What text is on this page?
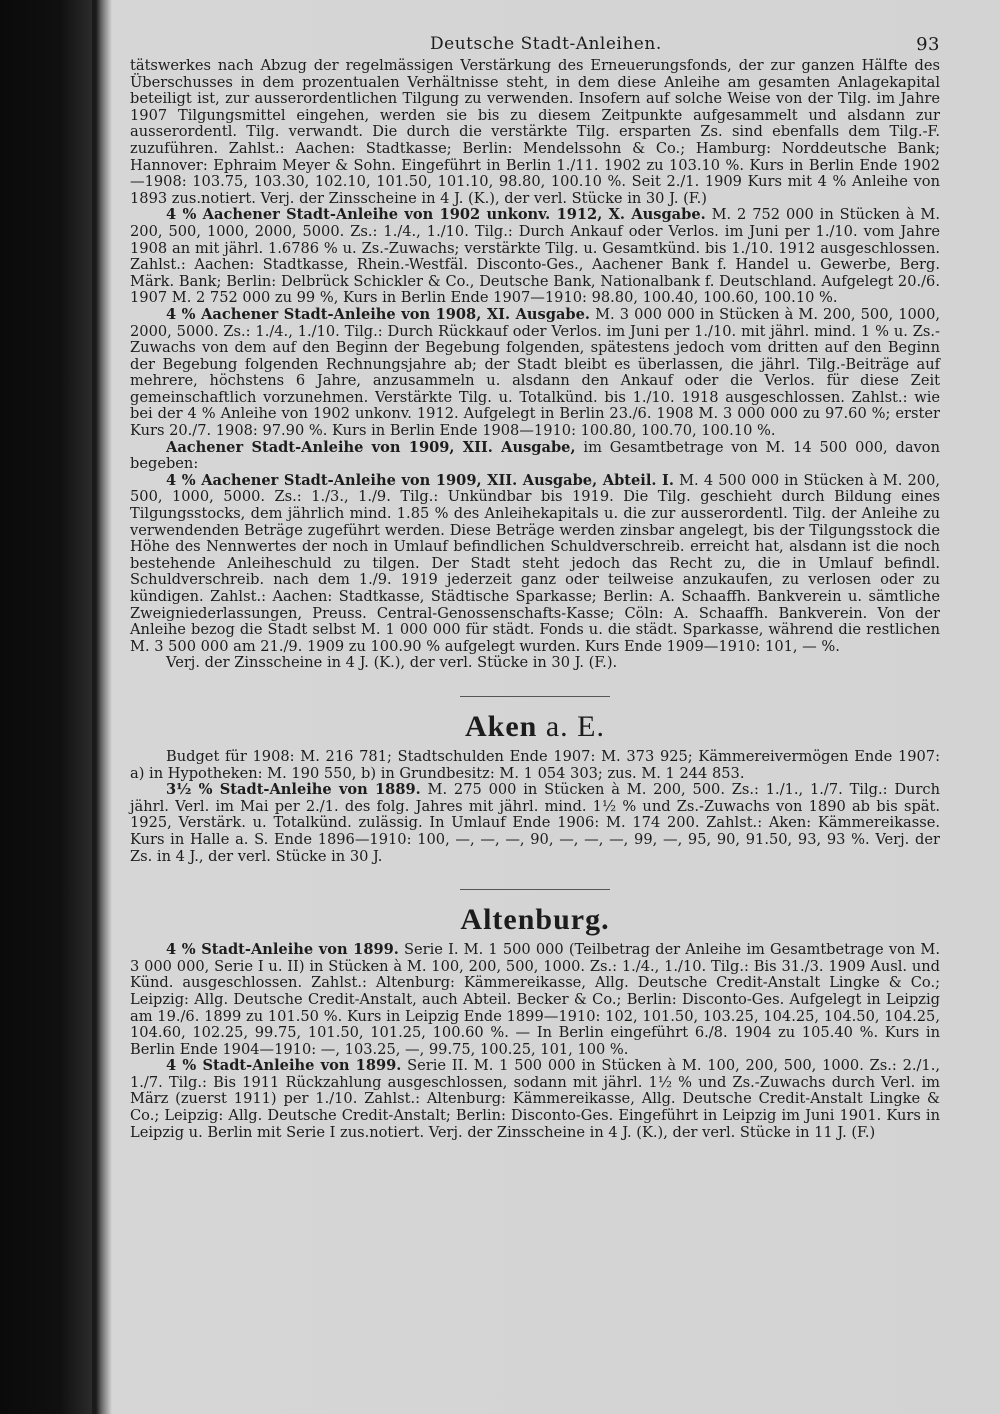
Deutsche Stadt-Anleihen.	93

tätswerkes nach Abzug der regelmässigen Verstärkung des Erneuerungsfonds, der zur ganzen Hälfte des Überschusses in dem prozentualen Verhältnisse steht, in dem diese Anleihe am gesamten Anlagekapital beteiligt ist, zur ausserordentlichen Tilgung zu verwenden. Insofern auf solche Weise von der Tilg. im Jahre 1907 Tilgungsmittel eingehen, werden sie bis zu diesem Zeitpunkte aufgesammelt und alsdann zur ausserordentl. Tilg. verwandt. Die durch die verstärkte Tilg. ersparten Zs. sind ebenfalls dem Tilg.-F. zuzuführen. Zahlst.: Aachen: Stadtkasse; Berlin: Mendelssohn & Co.; Hamburg: Norddeutsche Bank; Hannover: Ephraim Meyer & Sohn. Eingeführt in Berlin 1./11. 1902 zu 103.10 %. Kurs in Berlin Ende 1902—1908: 103.75, 103.30, 102.10, 101.50, 101.10, 98.80, 100.10 %. Seit 2./1. 1909 Kurs mit 4 % Anleihe von 1893 zus.notiert. Verj. der Zinsscheine in 4 J. (K.), der verl. Stücke in 30 J. (F.)

4 % Aachener Stadt-Anleihe von 1902 unkonv. 1912, X. Ausgabe. M. 2 752 000 in Stücken à M. 200, 500, 1000, 2000, 5000. Zs.: 1./4., 1./10. Tilg.: Durch Ankauf oder Verlos. im Juni per 1./10. vom Jahre 1908 an mit jährl. 1.6786 % u. Zs.-Zuwachs; verstärkte Tilg. u. Gesamtkünd. bis 1./10. 1912 ausgeschlossen. Zahlst.: Aachen: Stadtkasse, Rhein.-Westfäl. Disconto-Ges., Aachener Bank f. Handel u. Gewerbe, Berg. Märk. Bank; Berlin: Delbrück Schickler & Co., Deutsche Bank, Nationalbank f. Deutschland. Aufgelegt 20./6. 1907 M. 2 752 000 zu 99 %, Kurs in Berlin Ende 1907—1910: 98.80, 100.40, 100.60, 100.10 %.

4 % Aachener Stadt-Anleihe von 1908, XI. Ausgabe. M. 3 000 000 in Stücken à M. 200, 500, 1000, 2000, 5000. Zs.: 1./4., 1./10. Tilg.: Durch Rückkauf oder Verlos. im Juni per 1./10. mit jährl. mind. 1 % u. Zs.-Zuwachs von dem auf den Beginn der Begebung folgenden, spätestens jedoch vom dritten auf den Beginn der Begebung folgenden Rechnungsjahre ab; der Stadt bleibt es überlassen, die jährl. Tilg.-Beiträge auf mehrere, höchstens 6 Jahre, anzusammeln u. alsdann den Ankauf oder die Verlos. für diese Zeit gemeinschaftlich vorzunehmen. Verstärkte Tilg. u. Totalkünd. bis 1./10. 1918 ausgeschlossen. Zahlst.: wie bei der 4 % Anleihe von 1902 unkonv. 1912. Aufgelegt in Berlin 23./6. 1908 M. 3 000 000 zu 97.60 %; erster Kurs 20./7. 1908: 97.90 %. Kurs in Berlin Ende 1908—1910: 100.80, 100.70, 100.10 %.

Aachener Stadt-Anleihe von 1909, XII. Ausgabe, im Gesamtbetrage von M. 14 500 000, davon begeben:

4 % Aachener Stadt-Anleihe von 1909, XII. Ausgabe, Abteil. I. M. 4 500 000 in Stücken à M. 200, 500, 1000, 5000. Zs.: 1./3., 1./9. Tilg.: Unkündbar bis 1919. Die Tilg. geschieht durch Bildung eines Tilgungsstocks, dem jährlich mind. 1.85 % des Anleihekapitals u. die zur ausserordentl. Tilg. der Anleihe zu verwendenden Beträge zugeführt werden. Diese Beträge werden zinsbar angelegt, bis der Tilgungsstock die Höhe des Nennwertes der noch in Umlauf befindlichen Schuldverschreib. erreicht hat, alsdann ist die noch bestehende Anleiheschuld zu tilgen. Der Stadt steht jedoch das Recht zu, die in Umlauf befindl. Schuldverschreib. nach dem 1./9. 1919 jederzeit ganz oder teilweise anzukaufen, zu verlosen oder zu kündigen. Zahlst.: Aachen: Stadtkasse, Städtische Sparkasse; Berlin: A. Schaaffh. Bankverein u. sämtliche Zweigniederlassungen, Preuss. Central-Genossenschafts-Kasse; Cöln: A. Schaaffh. Bankverein. Von der Anleihe bezog die Stadt selbst M. 1 000 000 für städt. Fonds u. die städt. Sparkasse, während die restlichen M. 3 500 000 am 21./9. 1909 zu 100.90 % aufgelegt wurden. Kurs Ende 1909—1910: 101, — %.

Verj. der Zinsscheine in 4 J. (K.), der verl. Stücke in 30 J. (F.).

Aken a. E.

Budget für 1908: M. 216 781; Stadtschulden Ende 1907: M. 373 925; Kämmereivermögen Ende 1907: a) in Hypotheken: M. 190 550, b) in Grundbesitz: M. 1 054 303; zus. M. 1 244 853.

3½ % Stadt-Anleihe von 1889. M. 275 000 in Stücken à M. 200, 500. Zs.: 1./1., 1./7. Tilg.: Durch jährl. Verl. im Mai per 2./1. des folg. Jahres mit jährl. mind. 1½ % und Zs.-Zuwachs von 1890 ab bis spät. 1925, Verstärk. u. Totalkünd. zulässig. In Umlauf Ende 1906: M. 174 200. Zahlst.: Aken: Kämmereikasse. Kurs in Halle a. S. Ende 1896—1910: 100, —, —, —, 90, —, —, —, 99, —, 95, 90, 91.50, 93, 93 %. Verj. der Zs. in 4 J., der verl. Stücke in 30 J.

Altenburg.

4 % Stadt-Anleihe von 1899. Serie I. M. 1 500 000 (Teilbetrag der Anleihe im Gesamtbetrage von M. 3 000 000, Serie I u. II) in Stücken à M. 100, 200, 500, 1000. Zs.: 1./4., 1./10. Tilg.: Bis 31./3. 1909 Ausl. und Künd. ausgeschlossen. Zahlst.: Altenburg: Kämmereikasse, Allg. Deutsche Credit-Anstalt Lingke & Co.; Leipzig: Allg. Deutsche Credit-Anstalt, auch Abteil. Becker & Co.; Berlin: Disconto-Ges. Aufgelegt in Leipzig am 19./6. 1899 zu 101.50 %. Kurs in Leipzig Ende 1899—1910: 102, 101.50, 103.25, 104.25, 104.50, 104.25, 104.60, 102.25, 99.75, 101.50, 101.25, 100.60 %. — In Berlin eingeführt 6./8. 1904 zu 105.40 %. Kurs in Berlin Ende 1904—1910: —, 103.25, —, 99.75, 100.25, 101, 100 %.

4 % Stadt-Anleihe von 1899. Serie II. M. 1 500 000 in Stücken à M. 100, 200, 500, 1000. Zs.: 2./1., 1./7. Tilg.: Bis 1911 Rückzahlung ausgeschlossen, sodann mit jährl. 1½ % und Zs.-Zuwachs durch Verl. im März (zuerst 1911) per 1./10. Zahlst.: Altenburg: Kämmereikasse, Allg. Deutsche Credit-Anstalt Lingke & Co.; Leipzig: Allg. Deutsche Credit-Anstalt; Berlin: Disconto-Ges. Eingeführt in Leipzig im Juni 1901. Kurs in Leipzig u. Berlin mit Serie I zus.notiert. Verj. der Zinsscheine in 4 J. (K.), der verl. Stücke in 11 J. (F.)
